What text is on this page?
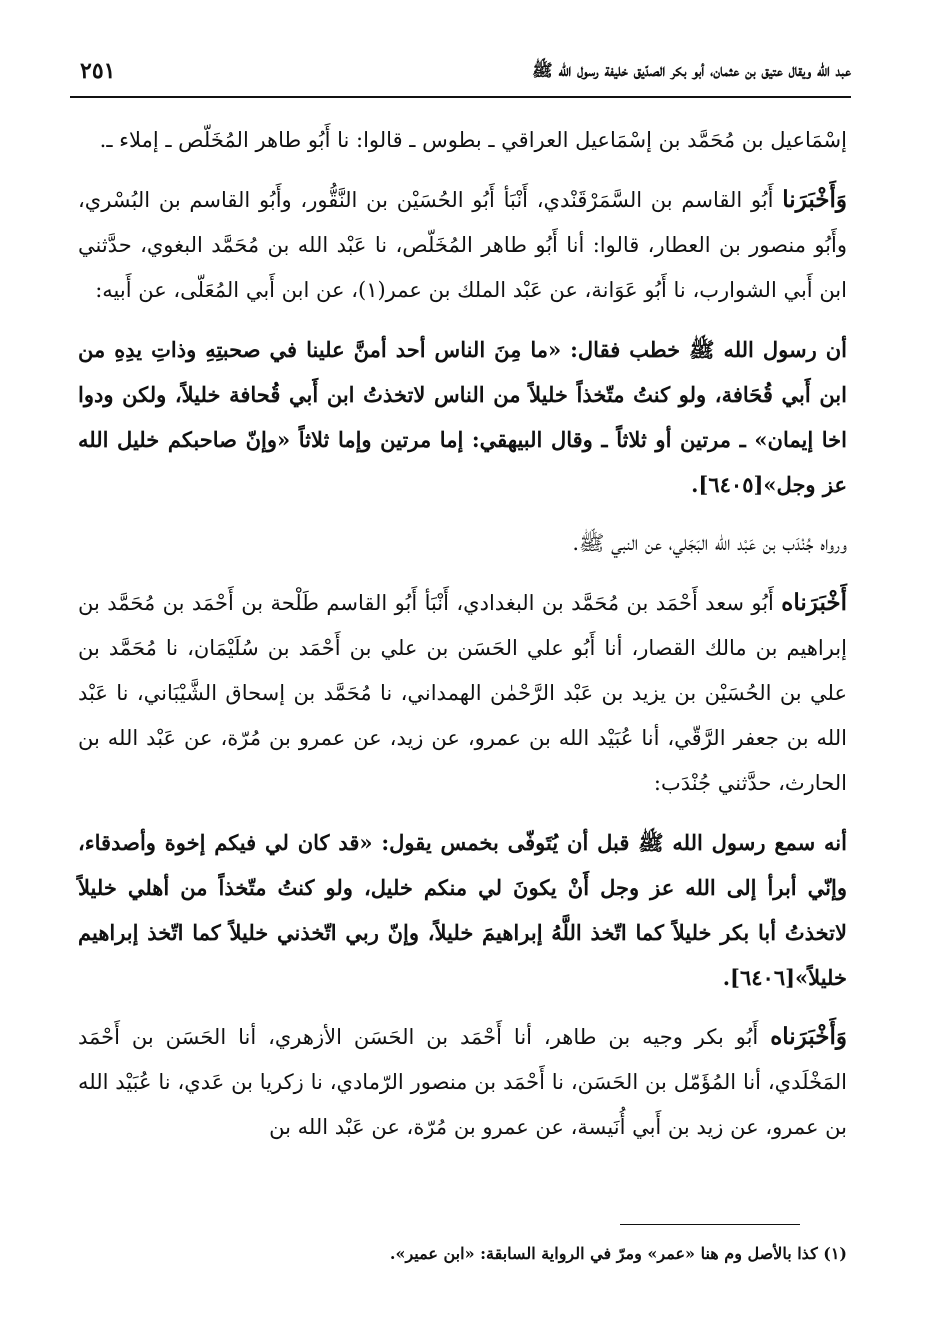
٢٥١	عبد الله ويقال عتيق بن عثمان، أبو بكر الصدّيق خليفة رسول الله ﷺ

إسْمَاعيل بن مُحَمَّد بن إسْمَاعيل العراقي ـ بطوس ـ قالوا: نا أَبُو طاهر المُخَلّص ـ إملاء ـ.

وَأَخْبَرَنا أَبُو القاسم بن السَّمَرْقَنْدي، أَنْبَأ أَبُو الحُسَيْن بن النَّقُّور، وأَبُو القاسم بن البُسْري، وأَبُو منصور بن العطار، قالوا: أنا أَبُو طاهر المُخَلّص، نا عَبْد الله بن مُحَمَّد البغوي، حدَّثني ابن أَبي الشوارب، نا أَبُو عَوَانة، عن عَبْد الملك بن عمر(١)، عن ابن أَبي المُعَلّى، عن أَبيه:

أن رسول الله ﷺ خطب فقال: «ما مِنَ الناس أحد أمنَّ علينا في صحبتِهِ وذاتِ يدِهِ من ابن أَبي قُحَافة، ولو كنتُ متّخذاً خليلاً من الناس لاتخذتُ ابن أَبي قُحافة خليلاً، ولكن ودوا اخا إيمان» ـ مرتين أو ثلاثاً ـ وقال البيهقي: إما مرتين وإما ثلاثاً «وإنّ صاحبكم خليل الله عز وجل»[٦٤٠٥].

ورواه جُنْدَب بن عَبْد الله البَجَلي، عن النبي ﷺ.

أَخْبَرَناه أَبُو سعد أَحْمَد بن مُحَمَّد بن البغدادي، أَنْبَأ أَبُو القاسم طَلْحة بن أَحْمَد بن مُحَمَّد بن إبراهيم بن مالك القصار، أنا أَبُو علي الحَسَن بن علي بن أَحْمَد بن سُلَيْمَان، نا مُحَمَّد بن علي بن الحُسَيْن بن يزيد بن عَبْد الرَّحْمٰن الهمداني، نا مُحَمَّد بن إسحاق الشَّيْبَاني، نا عَبْد الله بن جعفر الرَّقّي، أنا عُبَيْد الله بن عمرو، عن زيد، عن عمرو بن مُرّة، عن عَبْد الله بن الحارث، حدَّثني جُنْدَب:

أنه سمع رسول الله ﷺ قبل أن يُتَوفّى بخمس يقول: «قد كان لي فيكم إخوة وأصدقاء، وإنّي أبرأ إلى الله عز وجل أَنْ يكونَ لي منكم خليل، ولو كنتُ متّخذاً من أهلي خليلاً لاتخذتُ أبا بكر خليلاً كما اتّخذ اللَّهُ إبراهيمَ خليلاً، وإنّ ربي اتّخذني خليلاً كما اتّخذ إبراهيم خليلاً»[٦٤٠٦].

وَأَخْبَرَناه أَبُو بكر وجيه بن طاهر، أنا أَحْمَد بن الحَسَن الأزهري، أنا الحَسَن بن أَحْمَد المَخْلَدي، أنا المُؤَمّل بن الحَسَن، نا أَحْمَد بن منصور الرّمادي، نا زكريا بن عَدي، نا عُبَيْد الله بن عمرو، عن زيد بن أَبي أُنَيسة، عن عمرو بن مُرّة، عن عَبْد الله بن

(١) كذا بالأصل وم هنا «عمر» ومرّ في الرواية السابقة: «ابن عمير».
